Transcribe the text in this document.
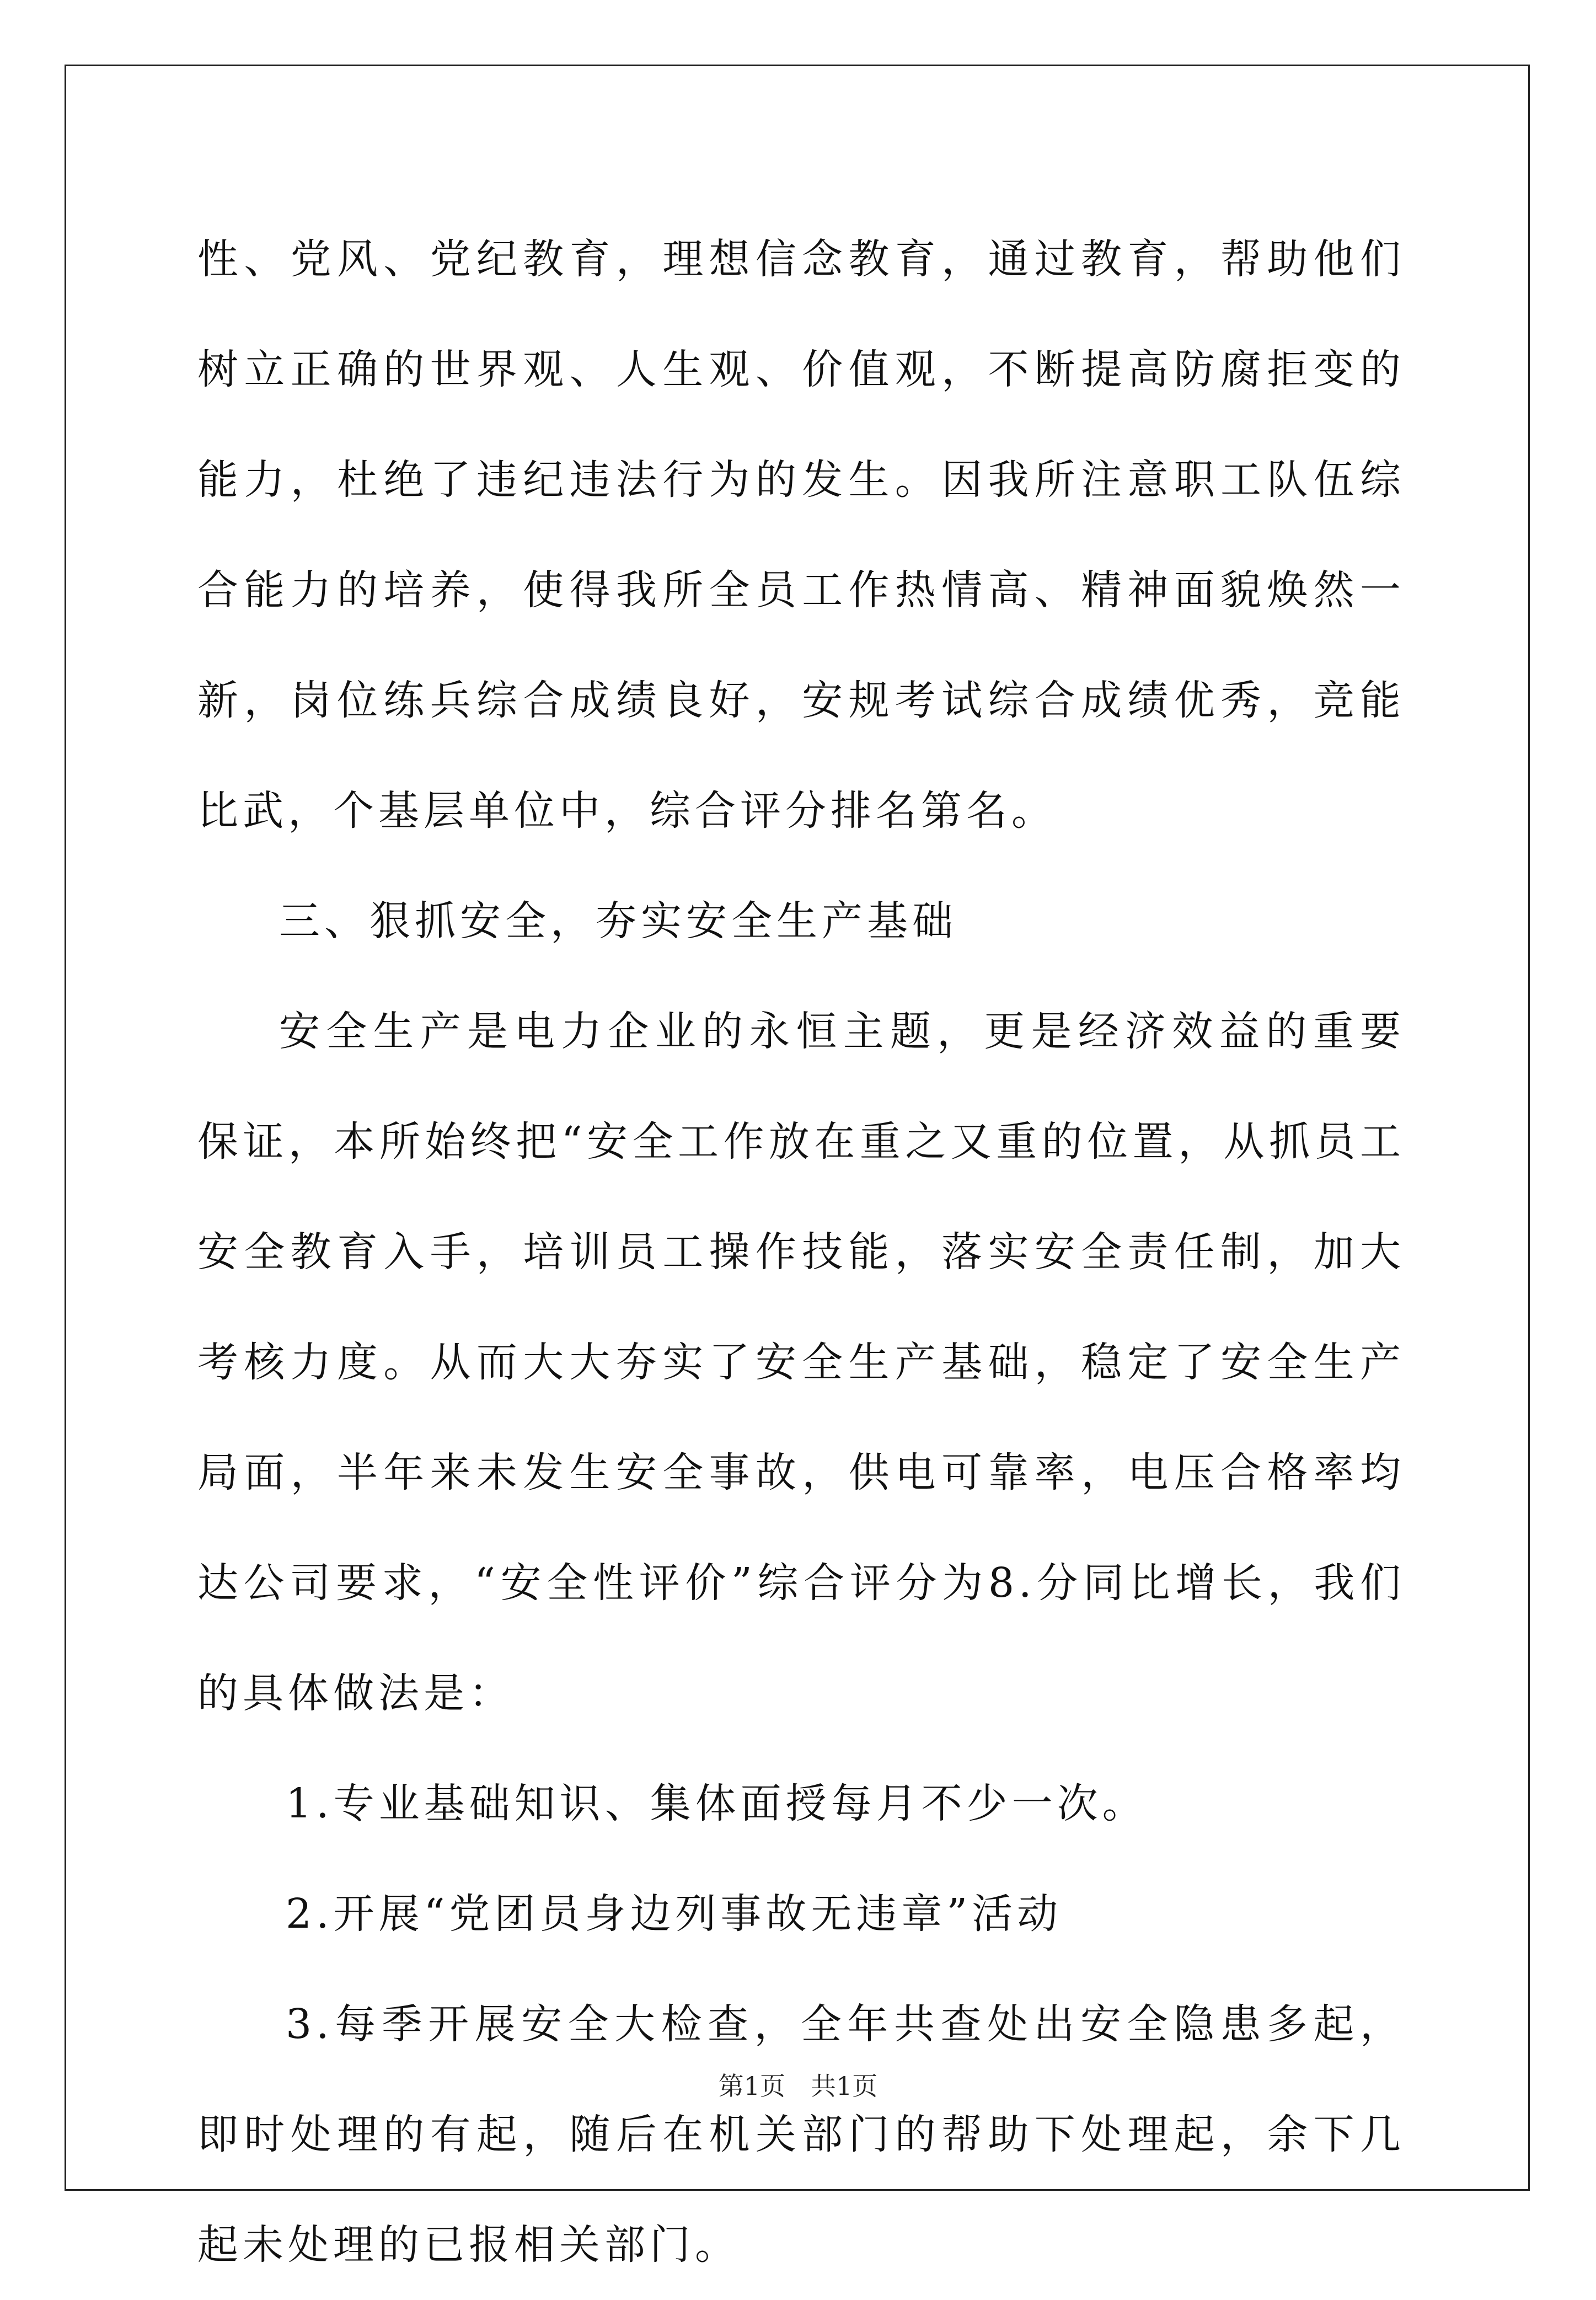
性、党风、党纪教育，理想信念教育，通过教育，帮助他们树立正确的世界观、人生观、价值观，不断提高防腐拒变的能力，杜绝了违纪违法行为的发生。因我所注意职工队伍综合能力的培养，使得我所全员工作热情高、精神面貌焕然一新，岗位练兵综合成绩良好，安规考试综合成绩优秀，竞能比武，个基层单位中，综合评分排名第名。

三、狠抓安全，夯实安全生产基础

安全生产是电力企业的永恒主题，更是经济效益的重要保证，本所始终把“安全工作放在重之又重的位置，从抓员工安全教育入手，培训员工操作技能，落实安全责任制，加大考核力度。从而大大夯实了安全生产基础，稳定了安全生产局面，半年来未发生安全事故，供电可靠率，电压合格率均达公司要求，“安全性评价”综合评分为8.分同比增长，我们的具体做法是：

1.专业基础知识、集体面授每月不少一次。

2.开展“党团员身边列事故无违章”活动

3.每季开展安全大检查，全年共查处出安全隐患多起，即时处理的有起，随后在机关部门的帮助下处理起，余下几起未处理的已报相关部门。

第1页　共1页
